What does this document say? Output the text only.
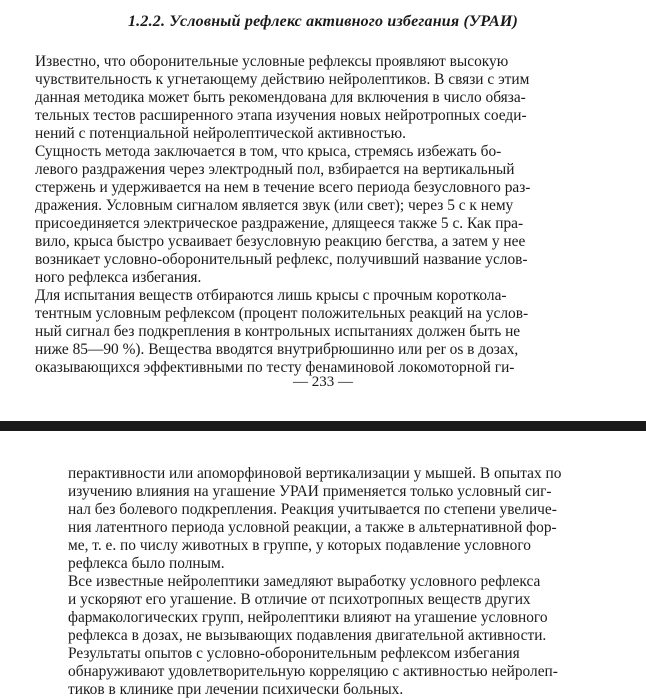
1.2.2. Условный рефлекс активного избегания (УРАИ)

Известно, что оборонительные условные рефлексы проявляют высокую

чувствительность к угнетающему действию нейролептиков. В связи с этим

данная методика может быть рекомендована для включения в число обяза-

тельных тестов расширенного этапа изучения новых нейротропных соеди-

нений с потенциальной нейролептической активностью.

Сущность метода заключается в том, что крыса, стремясь избежать бо-

левого раздражения через электродный пол, взбирается на вертикальный

стержень и удерживается на нем в течение всего периода безусловного раз-

дражения. Условным сигналом является звук (или свет); через 5 с к нему

присоединяется электрическое раздражение, длящееся также 5 с. Как пра-

вило, крыса быстро усваивает безусловную реакцию бегства, а затем у нее

возникает условно-оборонительный рефлекс, получивший название услов-

ного рефлекса избегания.

Для испытания веществ отбираются лишь крысы с прочным коротколa-

тентным условным рефлексом (процент положительных реакций на услов-

ный сигнал без подкрепления в контрольных испытаниях должен быть не

ниже 85—90 %). Вещества вводятся внутрибрюшинно или per os в дозах,

оказывающихся эффективными по тесту фенаминовой локомоторной ги-

— 233 —

перактивности или апоморфиновой вертикализации у мышей. В опытах по

изучению влияния на угашение УРАИ применяется только условный сиг-

нал без болевого подкрепления. Реакция учитывается по степени увеличе-

ния латентного периода условной реакции, а также в альтернативной фор-

ме, т. е. по числу животных в группе, у которых подавление условного

рефлекса было полным.

Все известные нейролептики замедляют выработку условного рефлекса

и ускоряют его угашение. В отличие от психотропных веществ других

фармакологических групп, нейролептики влияют на угашение условного

рефлекса в дозах, не вызывающих подавления двигательной активности.

Результаты опытов с условно-оборонительным рефлексом избегания

обнаруживают удовлетворительную корреляцию с активностью нейролеп-

тиков в клинике при лечении психически больных.
